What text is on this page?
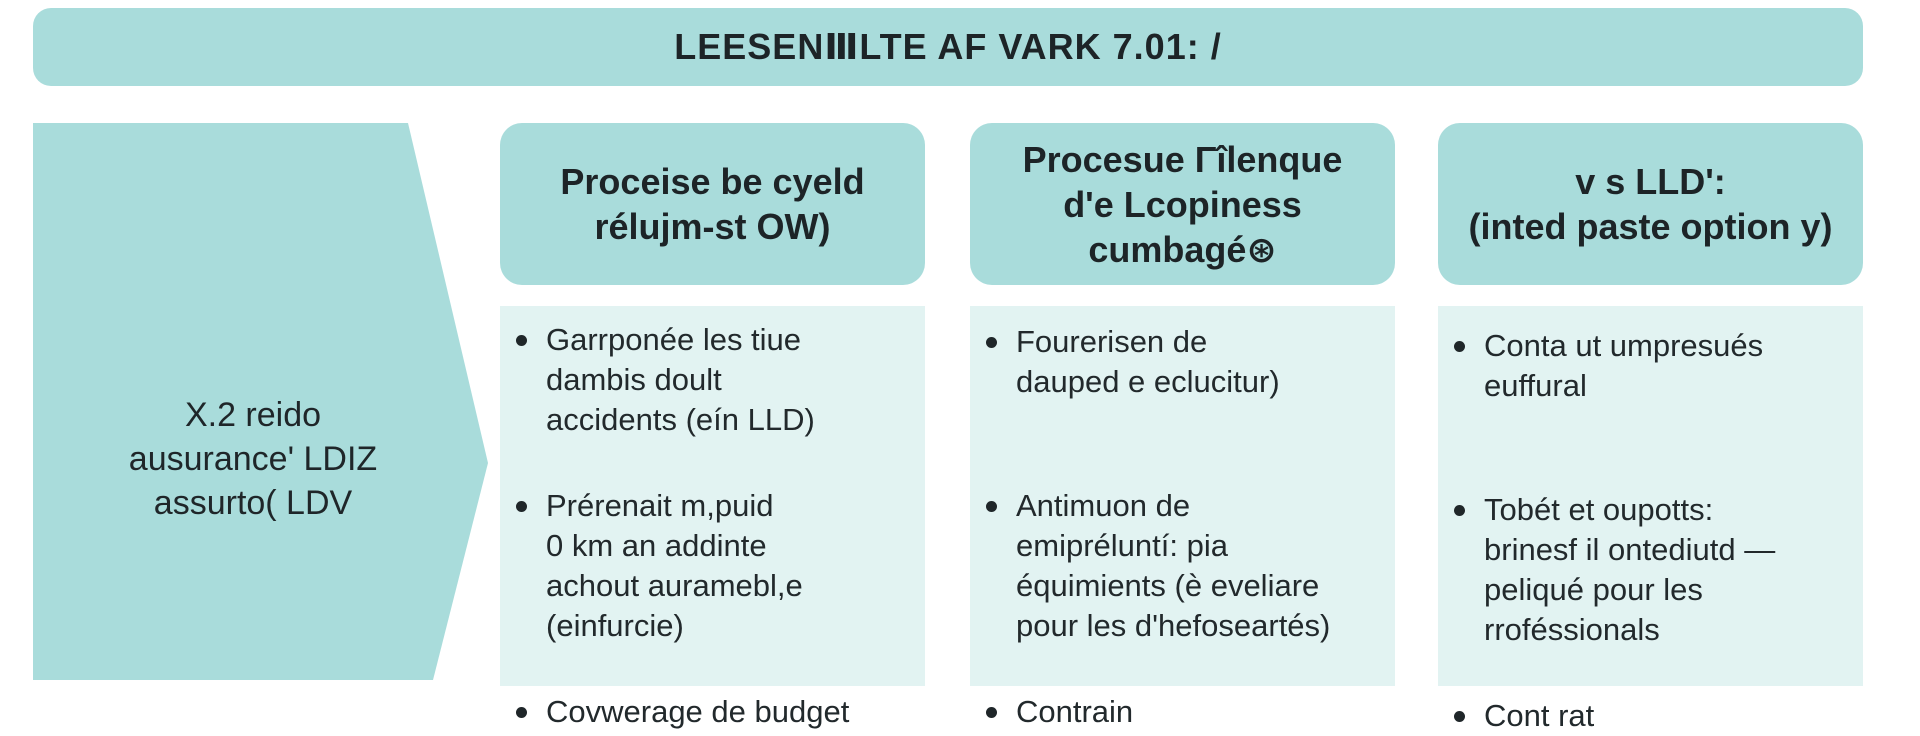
LEESENⅢLTE AF VARK 7.01: /
X.2 reido
ausurance' LDIZ
assurto( LDV
Proceise be cyeld
rélujm-st OW)
Garrponée les tiue
dambis doult
accidents (eín LLD)
Prérenait m,puid
0 km an addinte
achout auramebl,e
(einfurcie)
Covwerage de budget
Procesue Γîlenque
d'e Lcopiness
cumbagé⊛
Fourerisen de
dauped e eclucitur)
Antimuon de
emipréluntí: pia
équimients (è eveliare
pour les d'hefoseartés)
Contrain
v s LLD':
(inted paste option y)
Conta ut umpresués
euffural
Tobét et oupotts:
brinesf il ontediutd —
peliqué pour les
rroféssionals
Cont rat
